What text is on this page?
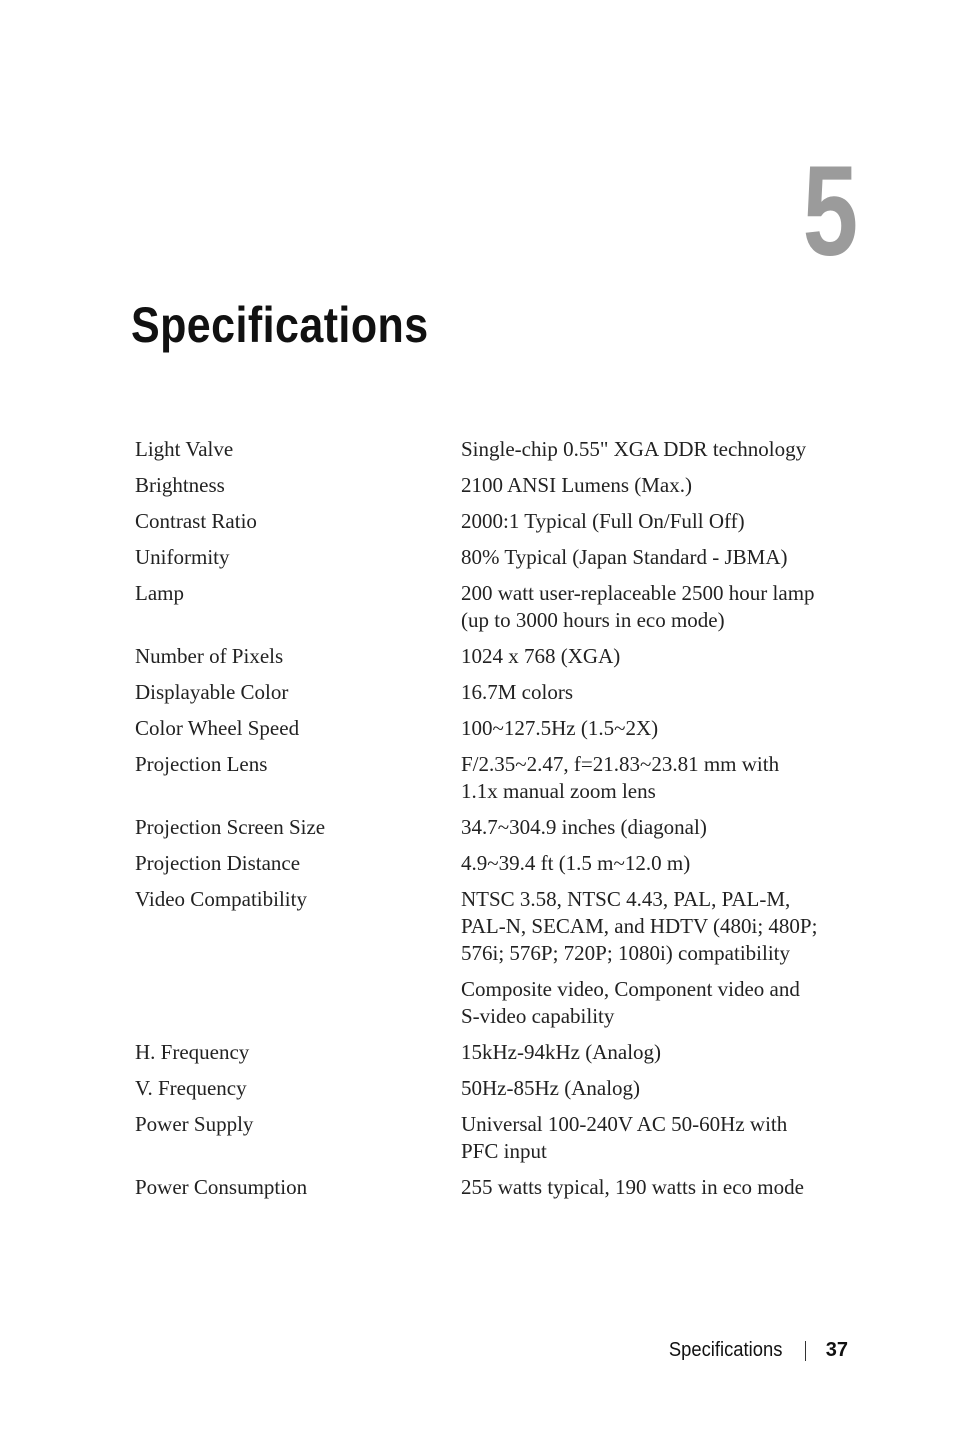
5
Specifications
Light Valve	Single-chip 0.55" XGA DDR technology
Brightness	2100 ANSI Lumens (Max.)
Contrast Ratio	2000:1 Typical (Full On/Full Off)
Uniformity	80% Typical (Japan Standard - JBMA)
Lamp	200 watt user-replaceable 2500 hour lamp (up to 3000 hours in eco mode)
Number of Pixels	1024 x 768 (XGA)
Displayable Color	16.7M colors
Color Wheel Speed	100~127.5Hz (1.5~2X)
Projection Lens	F/2.35~2.47, f=21.83~23.81 mm with 1.1x manual zoom lens
Projection Screen Size	34.7~304.9 inches (diagonal)
Projection Distance	4.9~39.4 ft (1.5 m~12.0 m)
Video Compatibility	NTSC 3.58, NTSC 4.43, PAL, PAL-M, PAL-N, SECAM, and HDTV (480i; 480P; 576i; 576P; 720P; 1080i) compatibility
Composite video, Component video and S-video capability
H. Frequency	15kHz-94kHz (Analog)
V. Frequency	50Hz-85Hz (Analog)
Power Supply	Universal 100-240V AC 50-60Hz with PFC input
Power Consumption	255 watts typical, 190 watts in eco mode
Specifications 37
